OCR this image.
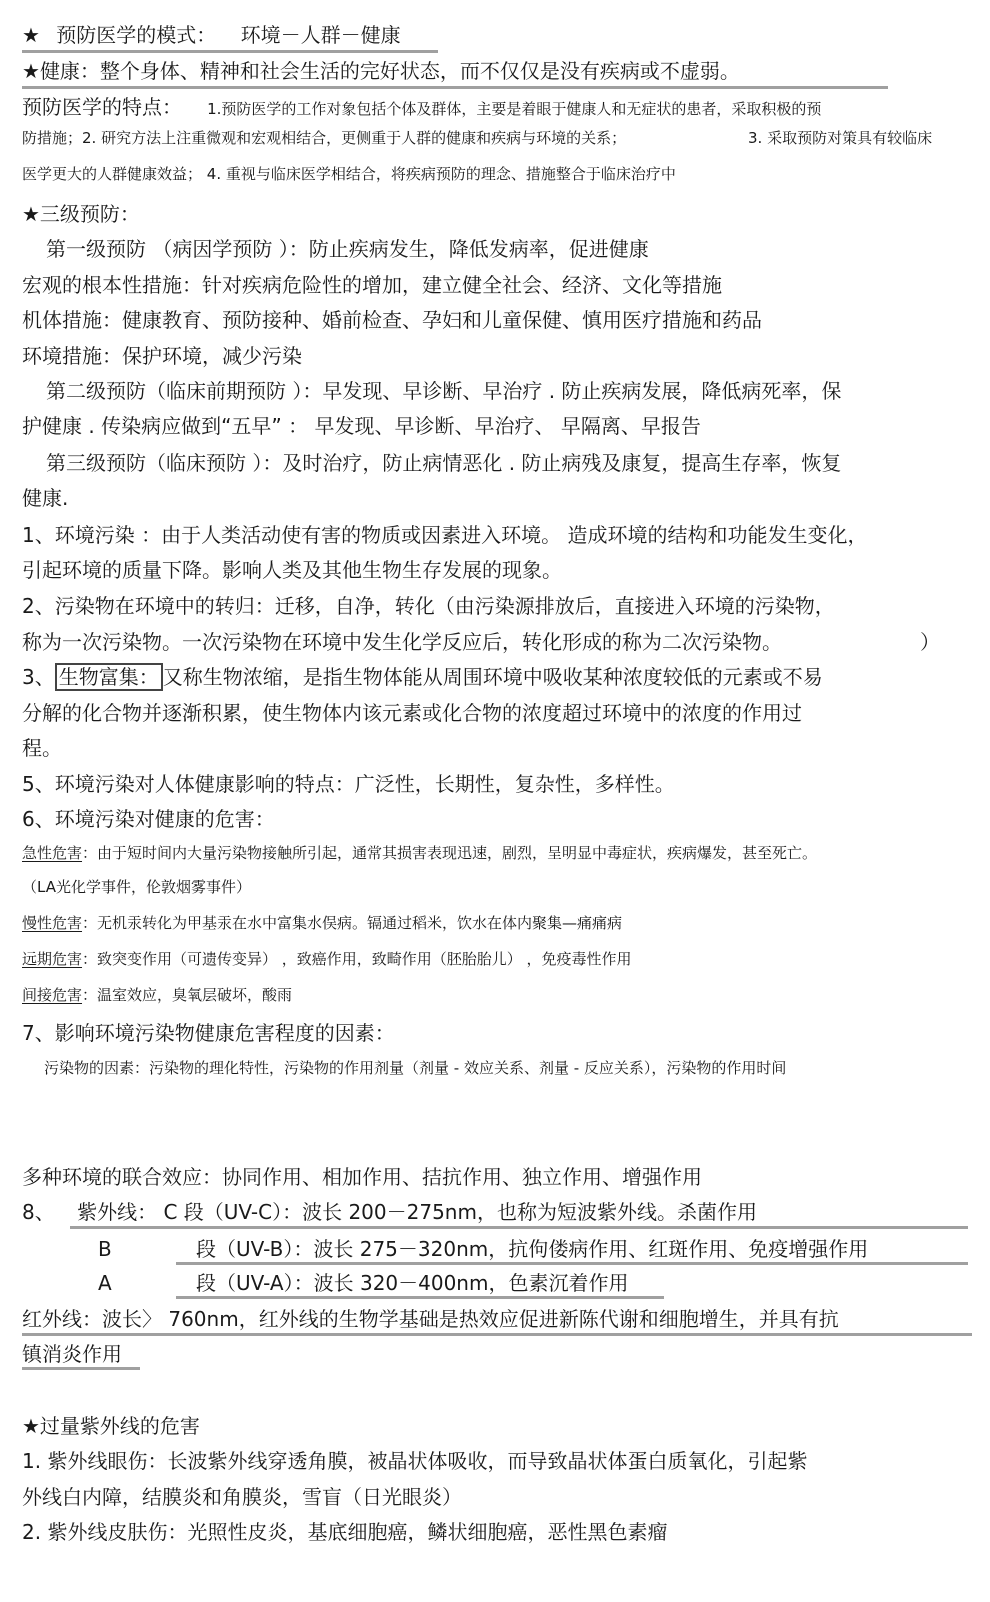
★ 预防医学的模式： 环境－人群－健康
★健康：整个身体、精神和社会生活的完好状态，而不仅仅是没有疾病或不虚弱。
预防医学的特点： 1.预防医学的工作对象包括个体及群体，主要是着眼于健康人和无症状的患者，采取积极的预
防措施；2. 研究方法上注重微观和宏观相结合，更侧重于人群的健康和疾病与环境的关系；	3. 采取预防对策具有较临床
医学更大的人群健康效益； 4. 重视与临床医学相结合，将疾病预防的理念、措施整合于临床治疗中
★三级预防：
第一级预防 （病因学预防 ）：防止疾病发生，降低发病率，促进健康
宏观的根本性措施：针对疾病危险性的增加，建立健全社会、经济、文化等措施
机体措施：健康教育、预防接种、婚前检查、孕妇和儿童保健、慎用医疗措施和药品
环境措施：保护环境，减少污染
第二级预防（临床前期预防 ）：早发现、早诊断、早治疗 . 防止疾病发展，降低病死率，保
护健康 . 传染病应做到“五早” ： 早发现、早诊断、早治疗、 早隔离、早报告
第三级预防（临床预防 ）：及时治疗，防止病情恶化 . 防止病残及康复，提高生存率，恢复
健康.
1、环境污染 ：由于人类活动使有害的物质或因素进入环境。 造成环境的结构和功能发生变化，
引起环境的质量下降。影响人类及其他生物生存发展的现象。
2、污染物在环境中的转归：迁移，自净，转化（由污染源排放后，直接进入环境的污染物，
称为一次污染物。一次污染物在环境中发生化学反应后，转化形成的称为二次污染物。	）
3、 生物富集： 又称生物浓缩，是指生物体能从周围环境中吸收某种浓度较低的元素或不易
分解的化合物并逐渐积累，使生物体内该元素或化合物的浓度超过环境中的浓度的作用过
程。
5、环境污染对人体健康影响的特点：广泛性，长期性，复杂性，多样性。
6、环境污染对健康的危害：
急性危害：由于短时间内大量污染物接触所引起，通常其损害表现迅速，剧烈，呈明显中毒症状，疾病爆发，甚至死亡。
（LA光化学事件，伦敦烟雾事件）
慢性危害：无机汞转化为甲基汞在水中富集水俣病。镉通过稻米，饮水在体内聚集—痛痛病
远期危害：致突变作用（可遗传变异） ，致癌作用，致畸作用（胚胎胎儿） ，免疫毒性作用
间接危害：温室效应，臭氧层破坏，酸雨
7、影响环境污染物健康危害程度的因素：
污染物的因素：污染物的理化特性，污染物的作用剂量（剂量 - 效应关系、剂量 - 反应关系），污染物的作用时间
多种环境的联合效应：协同作用、相加作用、拮抗作用、独立作用、增强作用
8、 紫外线： C 段（UV-C）：波长 200－275nm，也称为短波紫外线。杀菌作用
B	段（UV-B）：波长 275－320nm，抗佝偻病作用、红斑作用、免疫增强作用
A	段（UV-A）：波长 320－400nm，色素沉着作用
红外线：波长〉 760nm，红外线的生物学基础是热效应促进新陈代谢和细胞增生，并具有抗
镇消炎作用
★过量紫外线的危害
1. 紫外线眼伤：长波紫外线穿透角膜，被晶状体吸收，而导致晶状体蛋白质氧化，引起紫
外线白内障，结膜炎和角膜炎，雪盲（日光眼炎）
2. 紫外线皮肤伤：光照性皮炎，基底细胞癌，鳞状细胞癌，恶性黑色素瘤
